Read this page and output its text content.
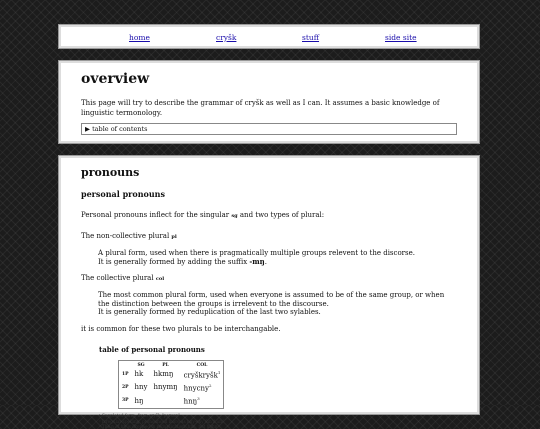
home	cryšk	stuff	side site
overview
This page will try to describe the grammar of cryšk as well as I can. It assumes a basic knowledge of linguistic termonology.
▶ table of contents
pronouns
personal pronouns

Personal pronouns inflect for the singular sg and two types of plural:

The non-collective plural pl

A plural form, used when there is pragmatically multiple groups relevent to the discorse.
It is generally formed by adding the suffix -mŋ.

The collective plural col

The most common plural form, used when everyone is assumed to be of the same group, or when the distinction between the groups is irrelevent to the discourse.
It is generally formed by reduplication of the last two sylables.

it is common for these two plurals to be interchangable.

table of personal pronouns
	SG	PL	COL
1P	hk	hkmŋ	cryškryšk$^1$
2P	hny	hnymŋ	hnycny$^2$
3P	hŋ		hnŋ$^3$
¹ Suppleted form, from cryšk "person"
² Irregular spelling, pronounced more as hny-cny /hn'ń ʌn/
³ The ŋ of hŋ is dropped in reduplication, hnŋ, not hŋhŋ
